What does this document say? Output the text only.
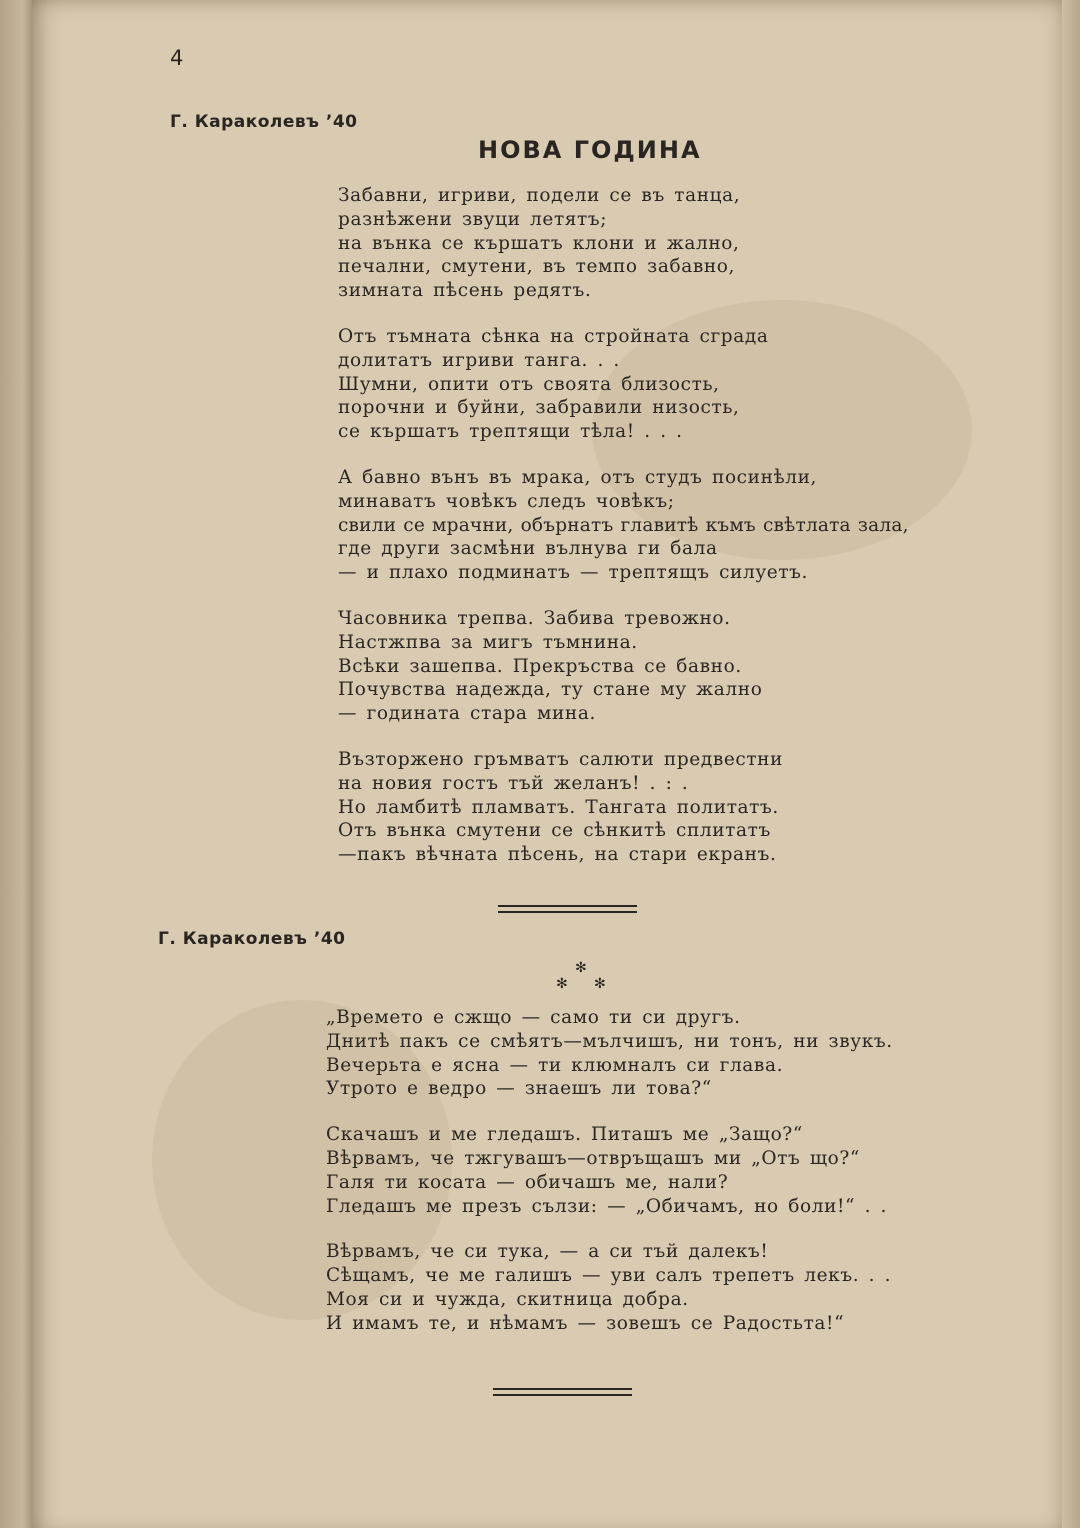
4
Г. Караколевъ ’40
НОВА ГОДИНА
Забавни, игриви, подели се въ танца,
разнѣжени звуци летятъ;
на вънка се кършатъ клони и жално,
печални, смутени, въ темпо забавно,
зимната пѣсень редятъ.
Отъ тъмната сѣнка на стройната сграда
долитатъ игриви танга. . .
Шумни, опити отъ своята близость,
порочни и буйни, забравили низость,
се кършатъ трептящи тѣла! . . .
А бавно вънъ въ мрака, отъ студъ посинѣли,
минаватъ човѣкъ следъ човѣкъ;
свили се мрачни, обърнатъ главитѣ къмъ свѣтлата зала,
где други засмѣни вълнува ги бала
— и плахо подминатъ — трептящъ силуетъ.
Часовника трепва. Забива тревожно.
Настжпва за мигъ тъмнина.
Всѣки зашепва. Прекръства се бавно.
Почувства надежда, ту стане му жално
— годината стара мина.
Възторжено гръмватъ салюти предвестни
на новия гостъ тъй желанъ! . : .
Но ламбитѣ пламватъ. Тангата политатъ.
Отъ вънка смутени се сѣнкитѣ сплитатъ
—пакъ вѣчната пѣсень, на стари екранъ.
Г. Караколевъ ’40
✻
✻ ✻
„Времето е сжщо — само ти си другъ.
Днитѣ пакъ се смѣятъ—мълчишъ, ни тонъ, ни звукъ.
Вечерьта е ясна — ти клюмналъ си глава.
Утрото е ведро — знаешъ ли това?“
Скачашъ и ме гледашъ. Питашъ ме „Защо?“
Вѣрвамъ, че тжгувашъ—отвръщашъ ми „Отъ що?“
Галя ти косата — обичашъ ме, нали?
Гледашъ ме презъ сълзи: — „Обичамъ, но боли!“ . .
Вѣрвамъ, че си тука, — а си тъй далекъ!
Сѣщамъ, че ме галишъ — уви салъ трепетъ лекъ. . .
Моя си и чужда, скитница добра.
И имамъ те, и нѣмамъ — зовешъ се Радостьта!“
